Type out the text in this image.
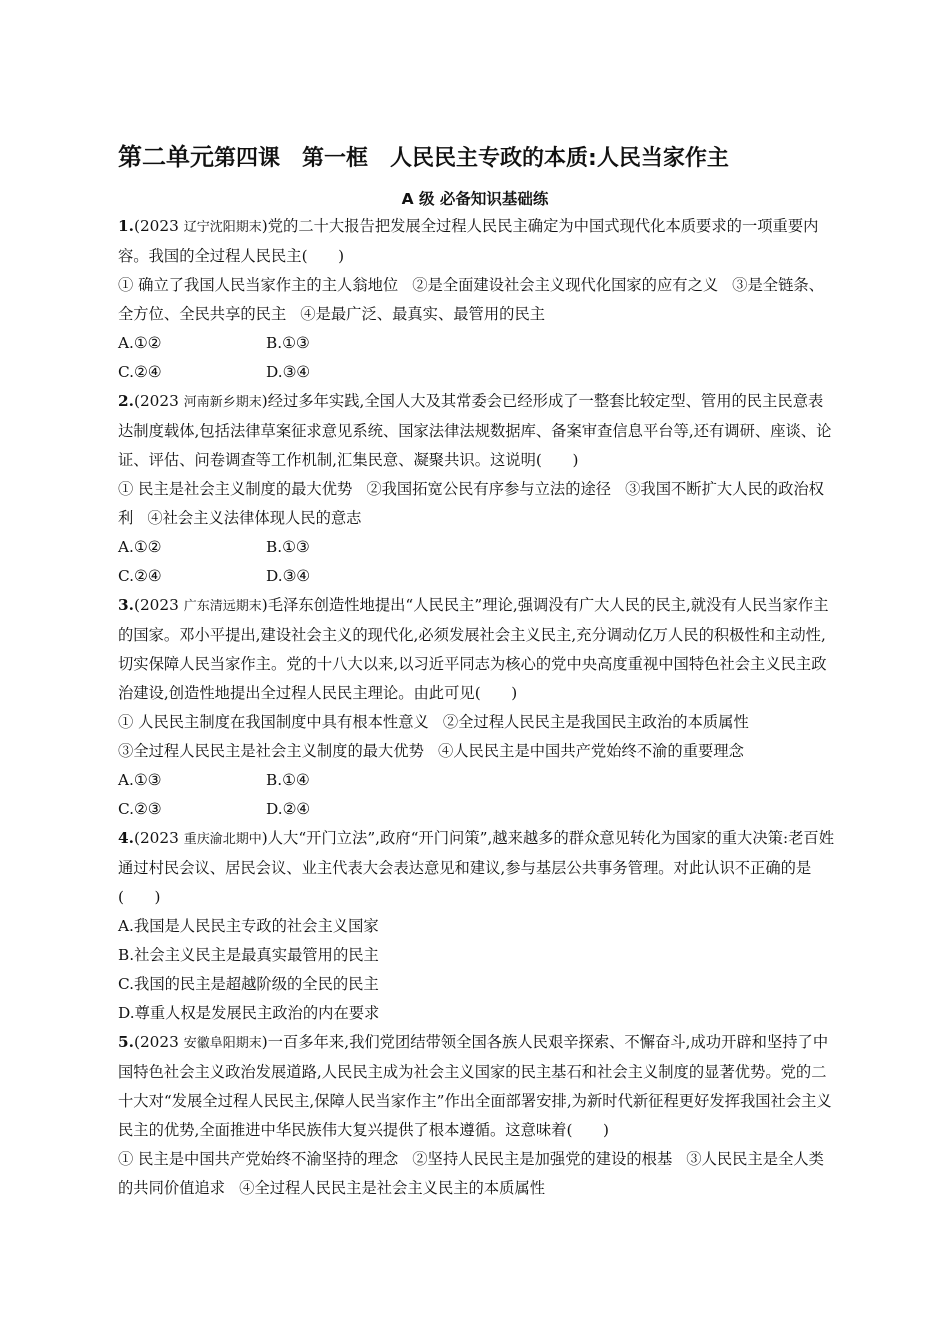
第二单元第四课 第一框 人民民主专政的本质:人民当家作主
A 级 必备知识基础练

1.(2023 辽宁沈阳期末)党的二十大报告把发展全过程人民民主确定为中国式现代化本质要求的一项重要内容。我国的全过程人民民主(　　)

① 确立了我国人民当家作主的主人翁地位 ②是全面建设社会主义现代化国家的应有之义 ③是全链条、全方位、全民共享的民主 ④是最广泛、最真实、最管用的民主

A.①②	B.①③
C.②④	D.③④

2.(2023 河南新乡期末)经过多年实践,全国人大及其常委会已经形成了一整套比较定型、管用的民主民意表达制度载体,包括法律草案征求意见系统、国家法律法规数据库、备案审查信息平台等,还有调研、座谈、论证、评估、问卷调查等工作机制,汇集民意、凝聚共识。这说明(　　)

① 民主是社会主义制度的最大优势 ②我国拓宽公民有序参与立法的途径 ③我国不断扩大人民的政治权利 ④社会主义法律体现人民的意志

A.①②	B.①③
C.②④	D.③④

3.(2023 广东清远期末)毛泽东创造性地提出“人民民主”理论,强调没有广大人民的民主,就没有人民当家作主的国家。邓小平提出,建设社会主义的现代化,必须发展社会主义民主,充分调动亿万人民的积极性和主动性,切实保障人民当家作主。党的十八大以来,以习近平同志为核心的党中央高度重视中国特色社会主义民主政治建设,创造性地提出全过程人民民主理论。由此可见(　　)

① 人民民主制度在我国制度中具有根本性意义 ②全过程人民民主是我国民主政治的本质属性
③全过程人民民主是社会主义制度的最大优势 ④人民民主是中国共产党始终不渝的重要理念

A.①③	B.①④
C.②③	D.②④

4.(2023 重庆渝北期中)人大“开门立法”,政府“开门问策”,越来越多的群众意见转化为国家的重大决策:老百姓通过村民会议、居民会议、业主代表大会表达意见和建议,参与基层公共事务管理。对此认识不正确的是(　　)

A.我国是人民民主专政的社会主义国家

B.社会主义民主是最真实最管用的民主

C.我国的民主是超越阶级的全民的民主

D.尊重人权是发展民主政治的内在要求

5.(2023 安徽阜阳期末)一百多年来,我们党团结带领全国各族人民艰辛探索、不懈奋斗,成功开辟和坚持了中国特色社会主义政治发展道路,人民民主成为社会主义国家的民主基石和社会主义制度的显著优势。党的二十大对“发展全过程人民民主,保障人民当家作主”作出全面部署安排,为新时代新征程更好发挥我国社会主义民主的优势,全面推进中华民族伟大复兴提供了根本遵循。这意味着(　　)

① 民主是中国共产党始终不渝坚持的理念 ②坚持人民民主是加强党的建设的根基 ③人民民主是全人类的共同价值追求 ④全过程人民民主是社会主义民主的本质属性
